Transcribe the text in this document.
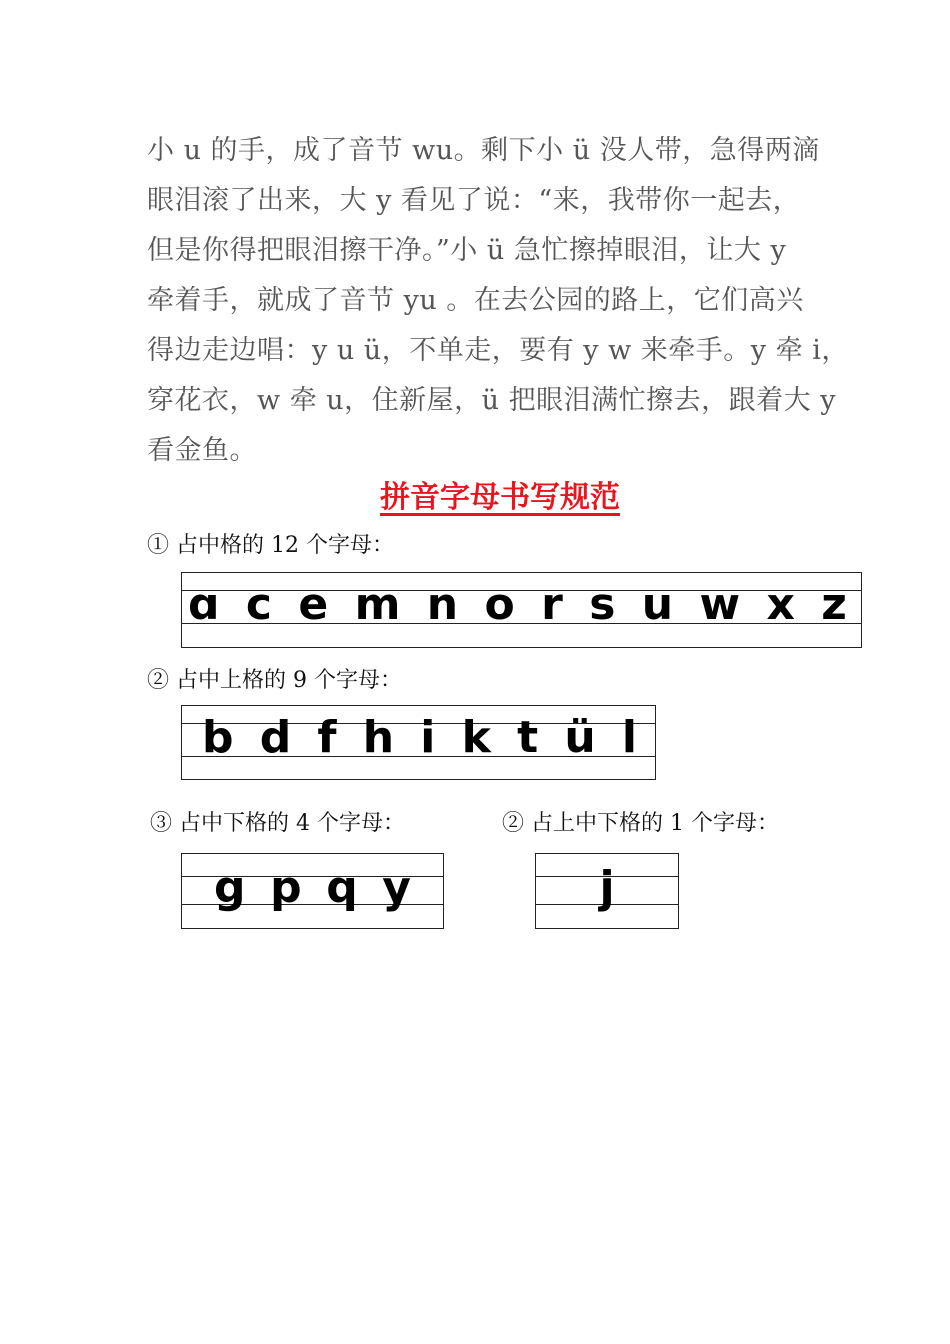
小 u 的手，成了音节 wu。剩下小 ü 没人带，急得两滴
眼泪滚了出来，大 y 看见了说：“来，我带你一起去，
但是你得把眼泪擦干净。”小 ü 急忙擦掉眼泪，让大 y
牵着手，就成了音节 yu 。在去公园的路上，它们高兴
得边走边唱：y u ü，不单走，要有 y w 来牵手。y 牵 i，
穿花衣，w 牵 u，住新屋，ü 把眼泪满忙擦去，跟着大 y
看金鱼。
拼音字母书写规范
① 占中格的 12 个字母：
ɑ c e m n o r s u w x z
② 占中上格的 9 个字母：
b d f h i k t ü l
③ 占中下格的 4 个字母：
g p q y
② 占上中下格的 1 个字母：
j
